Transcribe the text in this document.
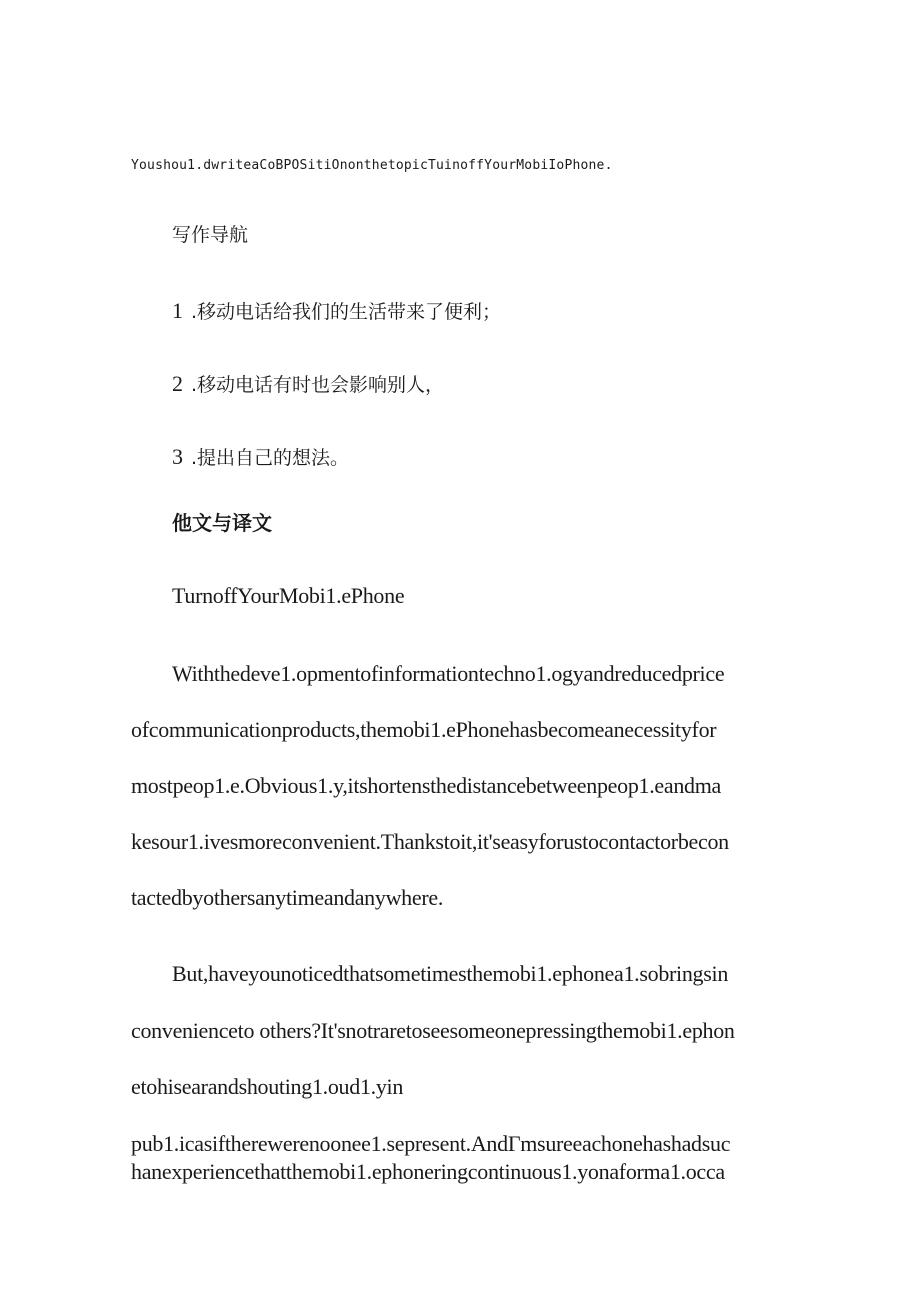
Youshou1.dwriteaCoBPOSitiOnonthetopicTuinoffYourMobiIoPhone.

写作导航

1 .移动电话给我们的生活带来了便利；

2 .移动电话有时也会影响别人，

3 .提出自己的想法。

他文与译文

TurnoffYourMobi1.ePhone

Withthedeve1.opmentofinformationtechno1.ogyandreducedprice

ofcommunicationproducts,themobi1.ePhonehasbecomeanecessityfor

mostpeop1.e.Obvious1.y,itshortensthedistancebetweenpeop1.eandma

kesour1.ivesmoreconvenient.Thankstoit,it'seasyforustocontactorbecon

tactedbyothersanytimeandanywhere.

But,haveyounoticedthatsometimesthemobi1.ephonea1.sobringsin

convenienceto others?It'snotraretoseesomeonepressingthemobi1.ephon

etohisearandshouting1.oud1.yin

pub1.icasiftherewerenoonee1.sepresent.AndΓmsureeachonehashadsuc

hanexperiencethatthemobi1.ephoneringcontinuous1.yonaforma1.occa
